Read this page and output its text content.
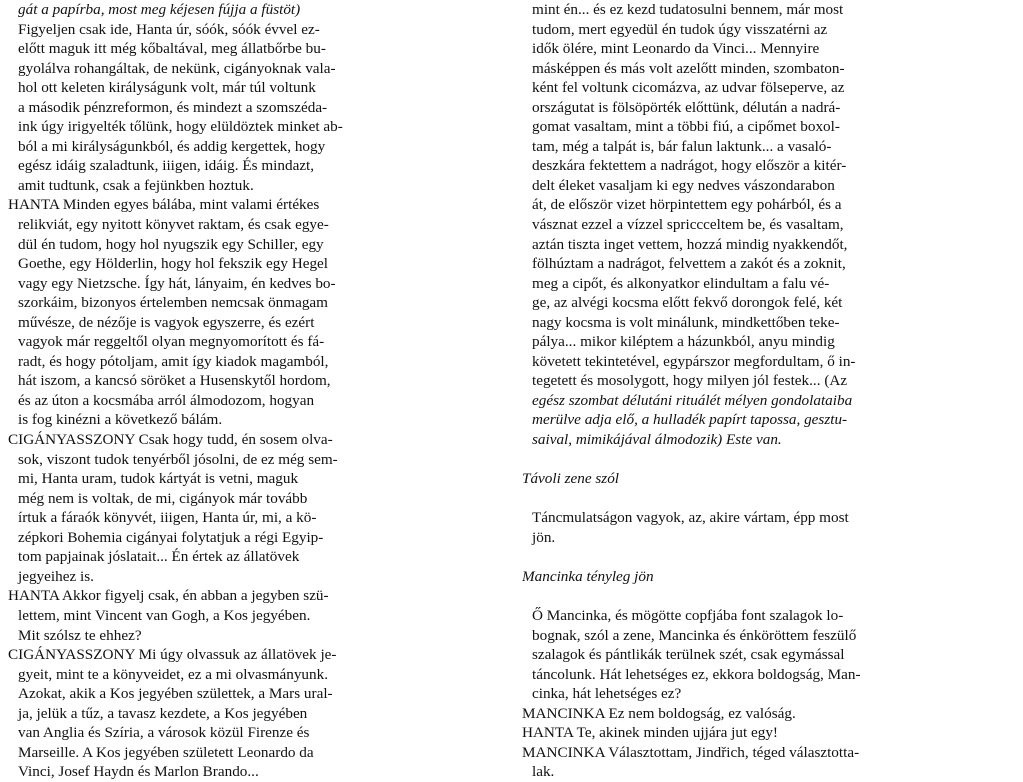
gát a papírba, most meg kéjesen fújja a füstöt)
Figyeljen csak ide, Hanta úr, sóók, sóók évvel ez-
előtt maguk itt még kőbaltával, meg állatbőrbe bu-
gyolálva rohangáltak, de nekünk, cigányoknak vala-
hol ott keleten királyságunk volt, már túl voltunk
a második pénzreformon, és mindezt a szomszéda-
ink úgy irigyelték tőlünk, hogy elüldöztek minket ab-
ból a mi királyságunkból, és addig kergettek, hogy
egész idáig szaladtunk, iiigen, idáig. És mindazt,
amit tudtunk, csak a fejünkben hoztuk.
HANTA Minden egyes bálába, mint valami értékes
relikviát, egy nyitott könyvet raktam, és csak egye-
dül én tudom, hogy hol nyugszik egy Schiller, egy
Goethe, egy Hölderlin, hogy hol fekszik egy Hegel
vagy egy Nietzsche. Így hát, lányaim, én kedves bo-
szorkáim, bizonyos értelemben nemcsak önmagam
művésze, de nézője is vagyok egyszerre, és ezért
vagyok már reggeltől olyan megnyomorított és fá-
radt, és hogy pótoljam, amit így kiadok magamból,
hát iszom, a kancsó söröket a Husenskytől hordom,
és az úton a kocsmába arról álmodozom, hogyan
is fog kinézni a következő bálám.
CIGÁNYASSZONY Csak hogy tudd, én sosem olva-
sok, viszont tudok tenyérből jósolni, de ez még sem-
mi, Hanta uram, tudok kártyát is vetni, maguk
még nem is voltak, de mi, cigányok már tovább
írtuk a fáraók könyvét, iiigen, Hanta úr, mi, a kö-
zépkori Bohemia cigányai folytatjuk a régi Egyip-
tom papjainak jóslatait... Én értek az állatövek
jegyeihez is.
HANTA Akkor figyelj csak, én abban a jegyben szü-
lettem, mint Vincent van Gogh, a Kos jegyében.
Mit szólsz te ehhez?
CIGÁNYASSZONY Mi úgy olvassuk az állatövek je-
gyeit, mint te a könyveidet, ez a mi olvasmányunk.
Azokat, akik a Kos jegyében születtek, a Mars ural-
ja, jelük a tűz, a tavasz kezdete, a Kos jegyében
van Anglia és Szíria, a városok közül Firenze és
Marseille. A Kos jegyében született Leonardo da
Vinci, Josef Haydn és Marlon Brando...
mint én... és ez kezd tudatosulni bennem, már most
tudom, mert egyedül én tudok úgy visszatérni az
idők ölére, mint Leonardo da Vinci... Mennyire
másképpen és más volt azelőtt minden, szombaton-
ként fel voltunk cicomázva, az udvar fölseperve, az
országutat is fölsöpörték előttünk, délután a nadrá-
gomat vasaltam, mint a többi fiú, a cipőmet boxol-
tam, még a talpát is, bár falun laktunk... a vasaló-
deszkára fektettem a nadrágot, hogy először a kitér-
delt éleket vasaljam ki egy nedves vászondarabon
át, de először vizet hörpintettem egy pohárból, és a
vásznat ezzel a vízzel spriccceltem be, és vasaltam,
aztán tiszta inget vettem, hozzá mindig nyakkendőt,
fölhúztam a nadrágot, felvettem a zakót és a zoknit,
meg a cipőt, és alkonyatkor elindultam a falu vé-
ge, az alvégi kocsma előtt fekvő dorongok felé, két
nagy kocsma is volt minálunk, mindkettőben teke-
pálya... mikor kiléptem a házunkból, anyu mindig
követett tekintetével, egypárszor megfordultam, ő in-
tegetett és mosolygott, hogy milyen jól festek... (Az
egész szombat délutáni rituálét mélyen gondolataiba
merülve adja elő, a hulladék papírt tapossa, gesztu-
saival, mimikájával álmodozik) Este van.
Távoli zene szól
Táncmulatságon vagyok, az, akire vártam, épp most
jön.
Mancinka tényleg jön
Ő Mancinka, és mögötte copfjába font szalagok lo-
bognak, szól a zene, Mancinka és énköröttem feszülő
szalagok és pántlikák terülnek szét, csak egymással
táncolunk. Hát lehetséges ez, ekkora boldogság, Man-
cinka, hát lehetséges ez?
MANCINKA Ez nem boldogság, ez valóság.
HANTA Te, akinek minden ujjára jut egy!
MANCINKA Választottam, Jindřich, téged választotta-
lak.
